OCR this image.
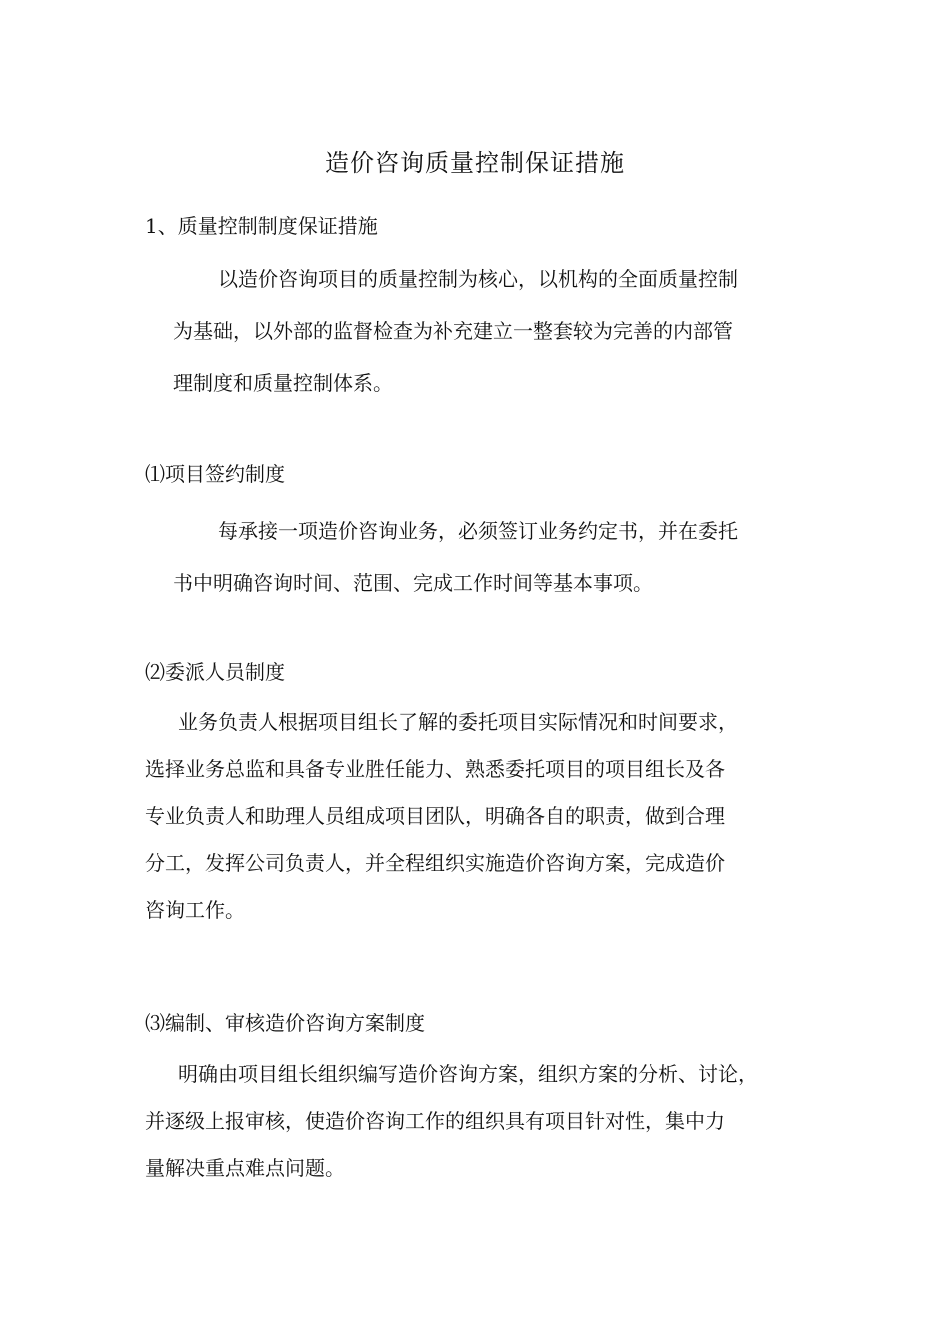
造价咨询质量控制保证措施
1、质量控制制度保证措施
以造价咨询项目的质量控制为核心，以机构的全面质量控制
为基础，以外部的监督检查为补充建立一整套较为完善的内部管
理制度和质量控制体系。
⑴项目签约制度
每承接一项造价咨询业务，必须签订业务约定书，并在委托
书中明确咨询时间、范围、完成工作时间等基本事项。
⑵委派人员制度
业务负责人根据项目组长了解的委托项目实际情况和时间要求，
选择业务总监和具备专业胜任能力、熟悉委托项目的项目组长及各
专业负责人和助理人员组成项目团队，明确各自的职责，做到合理
分工，发挥公司负责人，并全程组织实施造价咨询方案，完成造价
咨询工作。
⑶编制、审核造价咨询方案制度
明确由项目组长组织编写造价咨询方案，组织方案的分析、讨论，
并逐级上报审核，使造价咨询工作的组织具有项目针对性，集中力
量解决重点难点问题。
